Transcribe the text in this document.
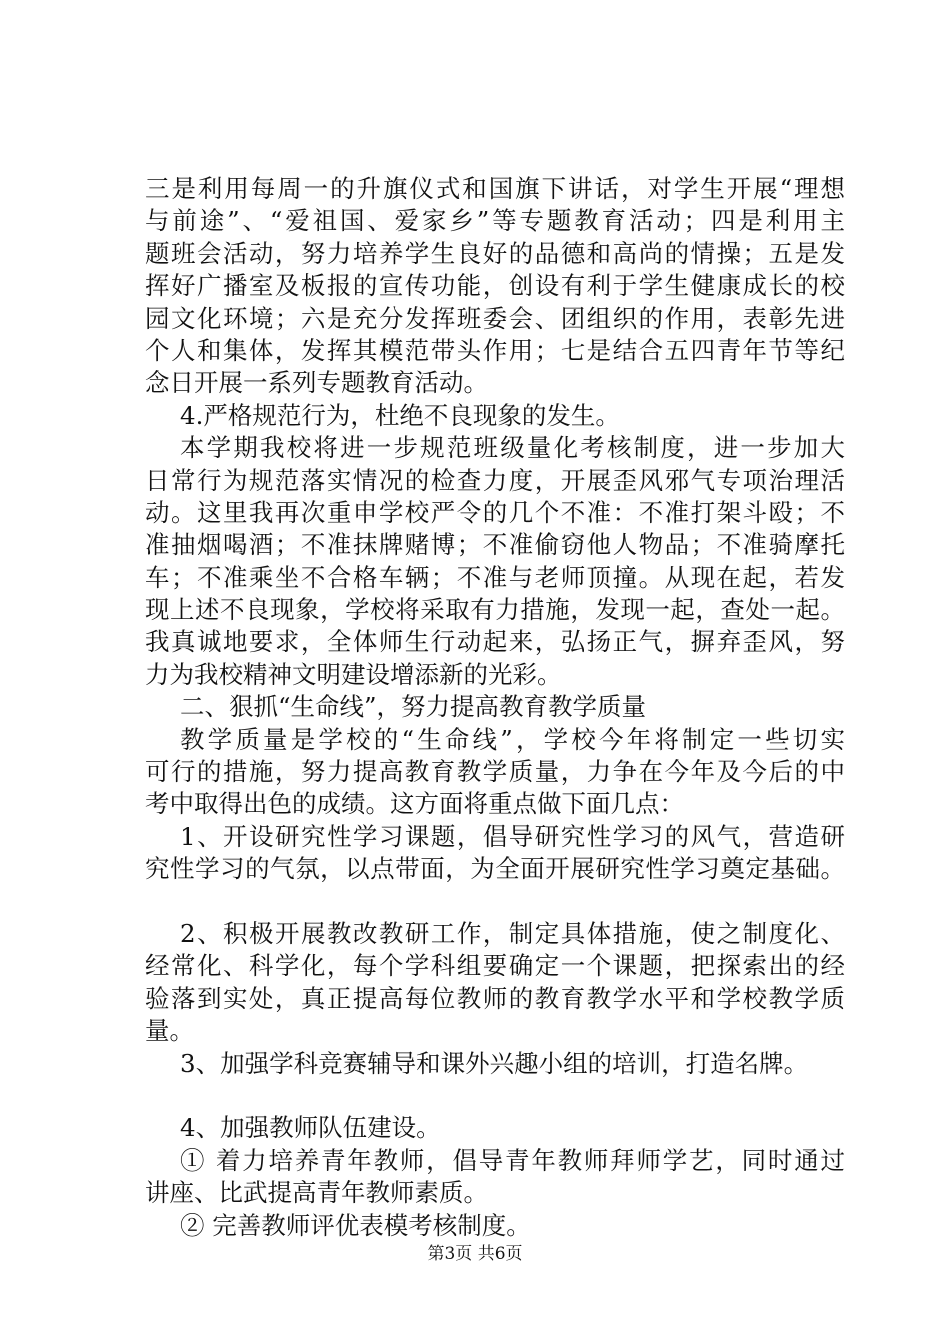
三是利用每周一的升旗仪式和国旗下讲话，对学生开展“理想
与前途”、“爱祖国、爱家乡”等专题教育活动；四是利用主
题班会活动，努力培养学生良好的品德和高尚的情操；五是发
挥好广播室及板报的宣传功能，创设有利于学生健康成长的校
园文化环境；六是充分发挥班委会、团组织的作用，表彰先进
个人和集体，发挥其模范带头作用；七是结合五四青年节等纪
念日开展一系列专题教育活动。
4.严格规范行为，杜绝不良现象的发生。
本学期我校将进一步规范班级量化考核制度，进一步加大
日常行为规范落实情况的检查力度，开展歪风邪气专项治理活
动。这里我再次重申学校严令的几个不准：不准打架斗殴；不
准抽烟喝酒；不准抹牌赌博；不准偷窃他人物品；不准骑摩托
车；不准乘坐不合格车辆；不准与老师顶撞。从现在起，若发
现上述不良现象，学校将采取有力措施，发现一起，查处一起。
我真诚地要求，全体师生行动起来，弘扬正气，摒弃歪风，努
力为我校精神文明建设增添新的光彩。
二、狠抓“生命线”，努力提高教育教学质量
教学质量是学校的“生命线”，学校今年将制定一些切实
可行的措施，努力提高教育教学质量，力争在今年及今后的中
考中取得出色的成绩。这方面将重点做下面几点：
1、开设研究性学习课题，倡导研究性学习的风气，营造研
究性学习的气氛，以点带面，为全面开展研究性学习奠定基础。
2、积极开展教改教研工作，制定具体措施，使之制度化、
经常化、科学化，每个学科组要确定一个课题，把探索出的经
验落到实处，真正提高每位教师的教育教学水平和学校教学质
量。
3、加强学科竞赛辅导和课外兴趣小组的培训，打造名牌。
4、加强教师队伍建设。
① 着力培养青年教师，倡导青年教师拜师学艺，同时通过
讲座、比武提高青年教师素质。
② 完善教师评优表模考核制度。
第3页 共6页
